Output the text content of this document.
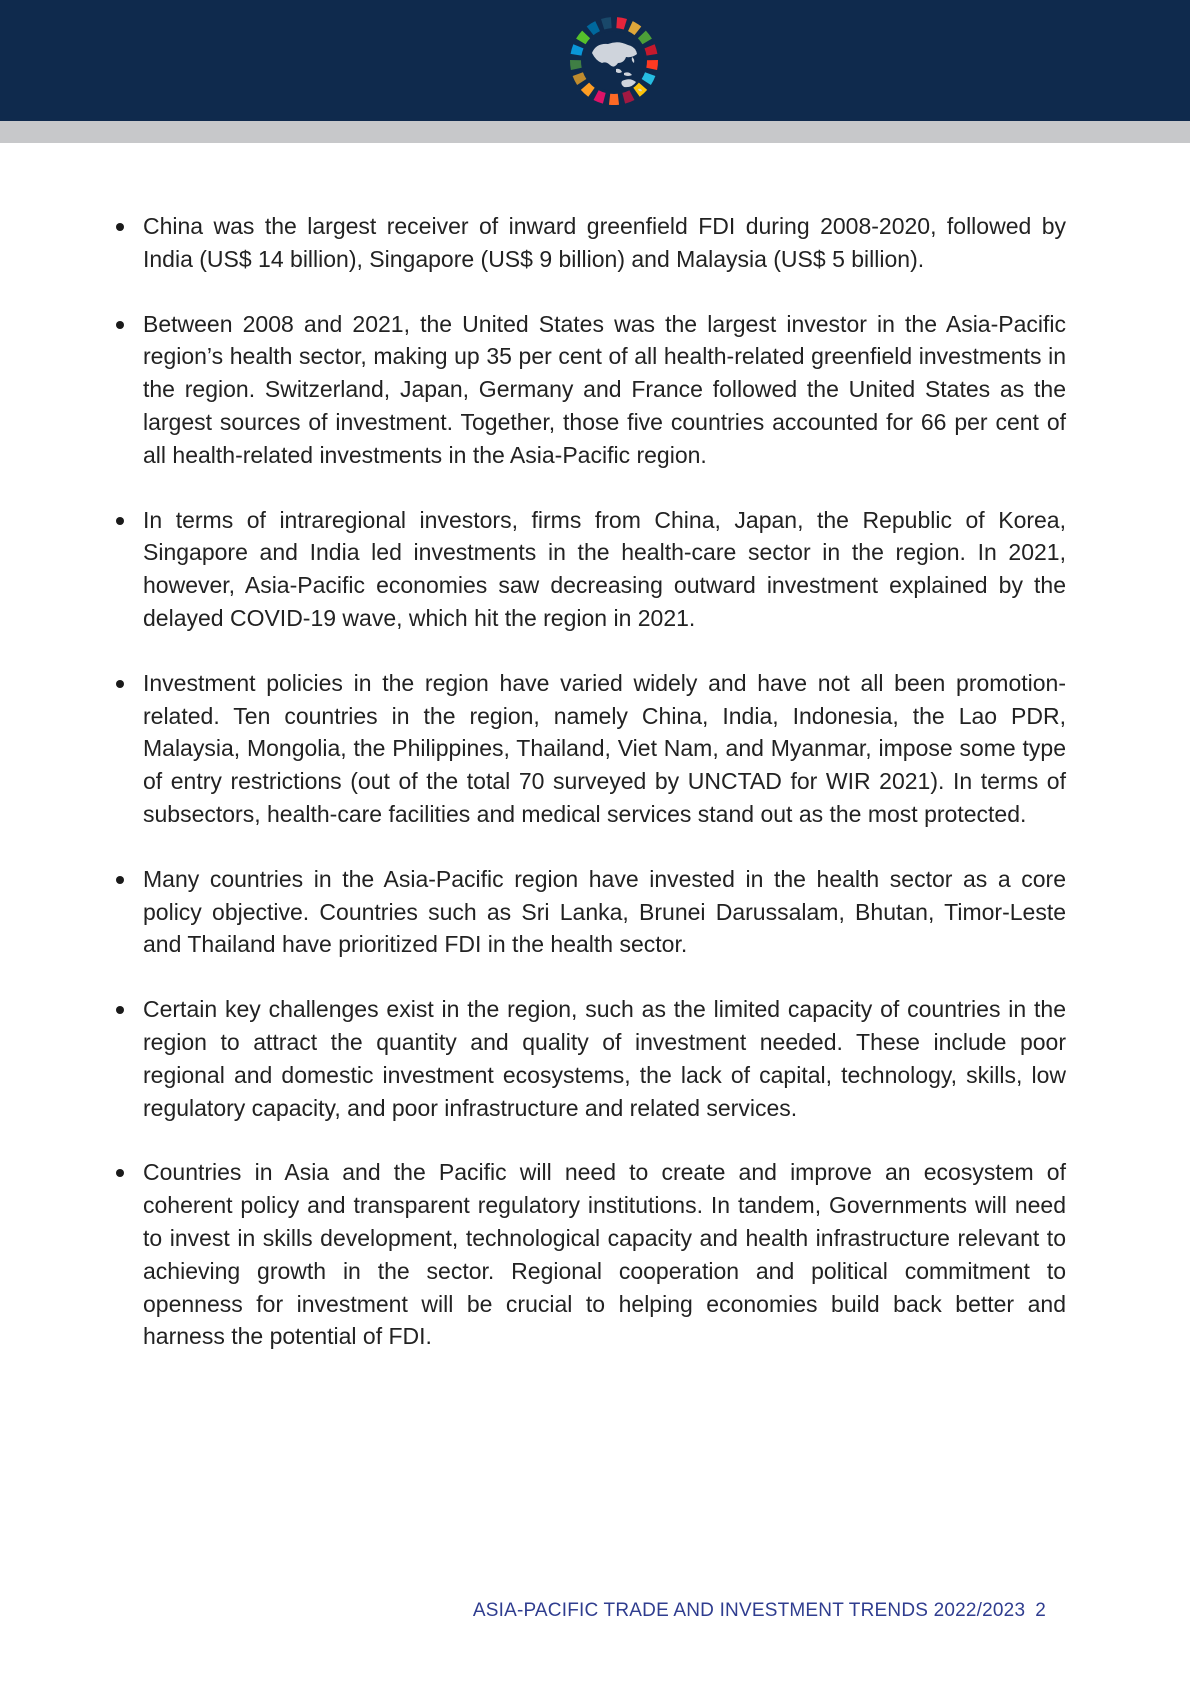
China was the largest receiver of inward greenfield FDI during 2008-2020, followed by India (US$ 14 billion), Singapore (US$ 9 billion) and Malaysia (US$ 5 billion).
Between 2008 and 2021, the United States was the largest investor in the Asia-Pacific region’s health sector, making up 35 per cent of all health-related greenfield investments in the region. Switzerland, Japan, Germany and France followed the United States as the largest sources of investment. Together, those five countries accounted for 66 per cent of all health-related investments in the Asia-Pacific region.
In terms of intraregional investors, firms from China, Japan, the Republic of Korea, Singapore and India led investments in the health-care sector in the region. In 2021, however, Asia-Pacific economies saw decreasing outward investment explained by the delayed COVID-19 wave, which hit the region in 2021.
Investment policies in the region have varied widely and have not all been promotion-related. Ten countries in the region, namely China, India, Indonesia, the Lao PDR, Malaysia, Mongolia, the Philippines, Thailand, Viet Nam, and Myanmar, impose some type of entry restrictions (out of the total 70 surveyed by UNCTAD for WIR 2021). In terms of subsectors, health-care facilities and medical services stand out as the most protected.
Many countries in the Asia-Pacific region have invested in the health sector as a core policy objective. Countries such as Sri Lanka, Brunei Darussalam, Bhutan, Timor-Leste and Thailand have prioritized FDI in the health sector.
Certain key challenges exist in the region, such as the limited capacity of countries in the region to attract the quantity and quality of investment needed. These include poor regional and domestic investment ecosystems, the lack of capital, technology, skills, low regulatory capacity, and poor infrastructure and related services.
Countries in Asia and the Pacific will need to create and improve an ecosystem of coherent policy and transparent regulatory institutions. In tandem, Governments will need to invest in skills development, technological capacity and health infrastructure relevant to achieving growth in the sector. Regional cooperation and political commitment to openness for investment will be crucial to helping economies build back better and harness the potential of FDI.
ASIA-PACIFIC TRADE AND INVESTMENT TRENDS 2022/2023 2
